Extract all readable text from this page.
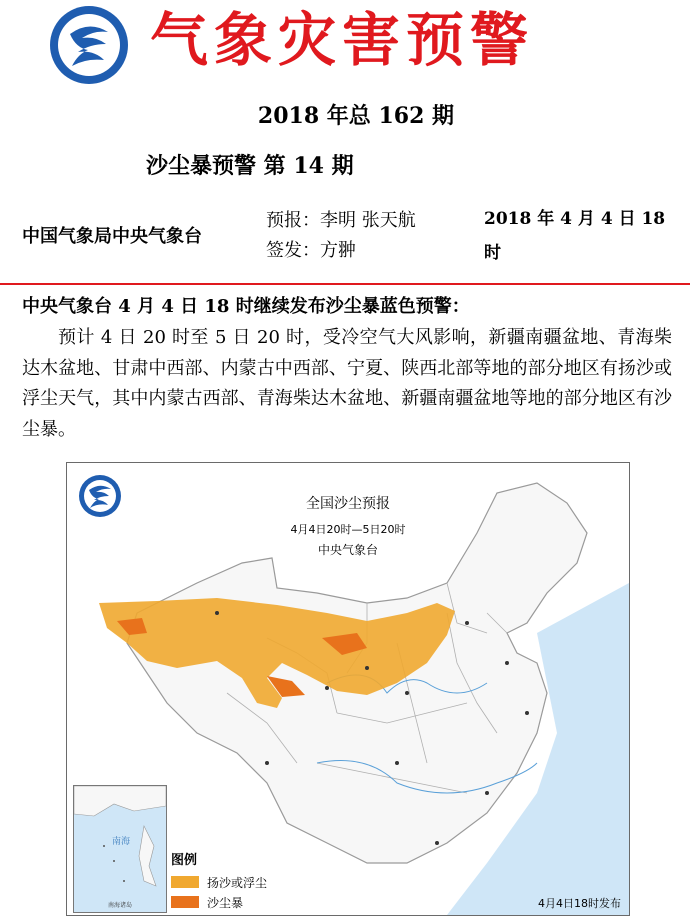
气象灾害预警
2018 年总 162 期
沙尘暴预警 第 14 期
中国气象局中央气象台
预报：李明 张天航
签发：方翀
2018 年 4 月 4 日 18 时
中央气象台 4 月 4 日 18 时继续发布沙尘暴蓝色预警：
预计 4 日 20 时至 5 日 20 时，受冷空气大风影响，新疆南疆盆地、青海柴达木盆地、甘肃中西部、内蒙古中西部、宁夏、陕西北部等地的部分地区有扬沙或浮尘天气，其中内蒙古西部、青海柴达木盆地、新疆南疆盆地等地的部分地区有沙尘暴。
全国沙尘预报
4月4日20时—5日20时
中央气象台
南海
南海诸岛
图例
扬沙或浮尘
沙尘暴	4月4日18时发布
